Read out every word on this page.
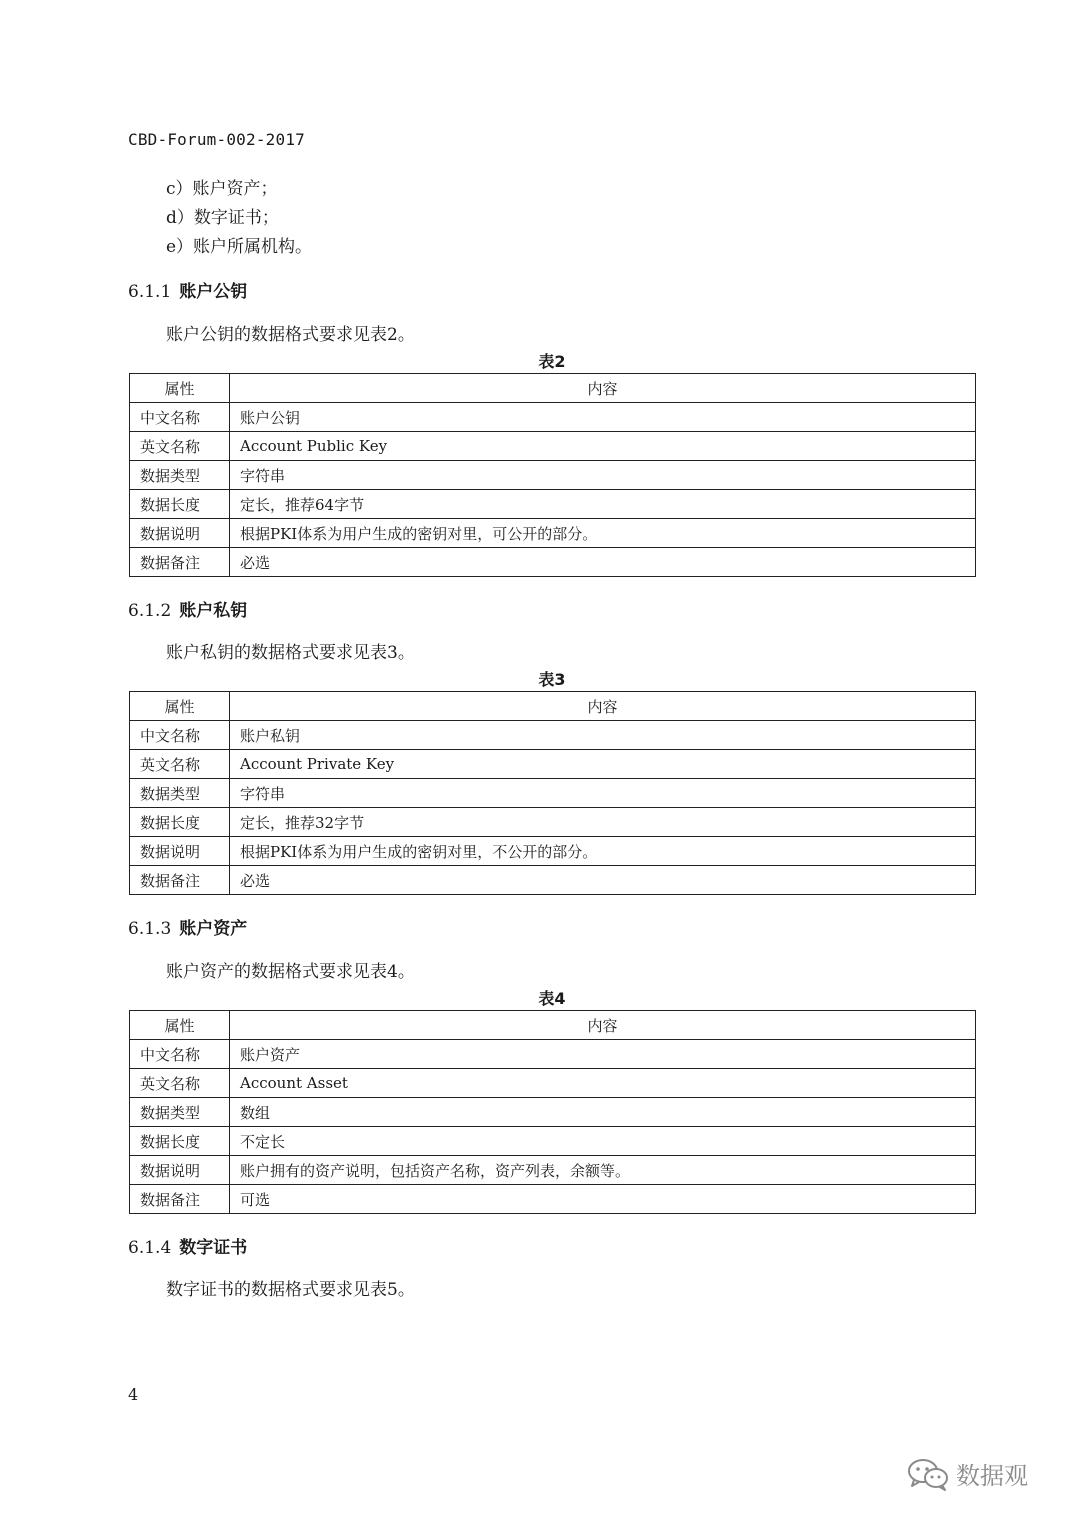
CBD-Forum-002-2017
c）账户资产；
d）数字证书；
e）账户所属机构。
6.1.1 账户公钥
账户公钥的数据格式要求见表2。
表2
属性	内容
中文名称	账户公钥
英文名称	Account Public Key
数据类型	字符串
数据长度	定长，推荐64字节
数据说明	根据PKI体系为用户生成的密钥对里，可公开的部分。
数据备注	必选
6.1.2 账户私钥
账户私钥的数据格式要求见表3。
表3
属性	内容
中文名称	账户私钥
英文名称	Account Private Key
数据类型	字符串
数据长度	定长，推荐32字节
数据说明	根据PKI体系为用户生成的密钥对里，不公开的部分。
数据备注	必选
6.1.3 账户资产
账户资产的数据格式要求见表4。
表4
属性	内容
中文名称	账户资产
英文名称	Account Asset
数据类型	数组
数据长度	不定长
数据说明	账户拥有的资产说明，包括资产名称，资产列表，余额等。
数据备注	可选
6.1.4 数字证书
数字证书的数据格式要求见表5。
4
数据观
